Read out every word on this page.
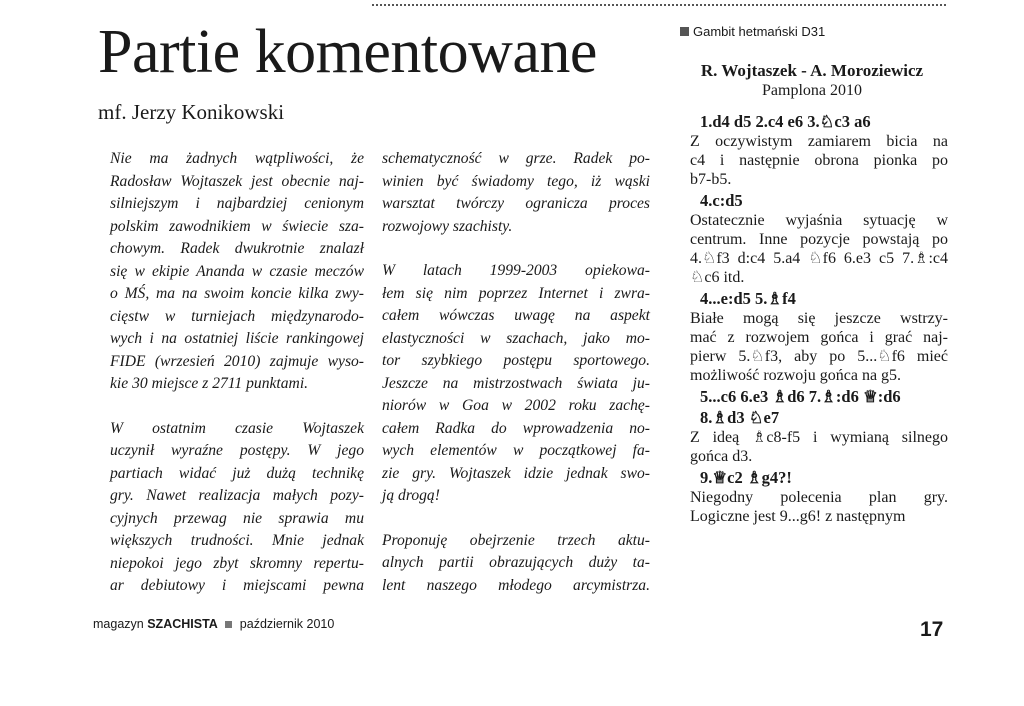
Partie komentowane
mf. Jerzy Konikowski

Nie ma żadnych wątpliwości, że
Radosław Wojtaszek jest obecnie naj-
silniejszym i najbardziej cenionym
polskim zawodnikiem w świecie sza-
chowym. Radek dwukrotnie znalazł
się w ekipie Ananda w czasie meczów
o MŚ, ma na swoim koncie kilka zwy-
cięstw w turniejach międzynarodo-
wych i na ostatniej liście rankingowej
FIDE (wrzesień 2010) zajmuje wyso-
kie 30 miejsce z 2711 punktami.

W ostatnim czasie Wojtaszek
uczynił wyraźne postępy. W jego
partiach widać już dużą technikę
gry. Nawet realizacja małych pozy-
cyjnych przewag nie sprawia mu
większych trudności. Mnie jednak
niepokoi jego zbyt skromny repertu-
ar debiutowy i miejscami pewna

schematyczność w grze. Radek po-
winien być świadomy tego, iż wąski
warsztat twórczy ogranicza proces
rozwojowy szachisty.

W latach 1999-2003 opiekowa-
łem się nim poprzez Internet i zwra-
całem wówczas uwagę na aspekt
elastyczności w szachach, jako mo-
tor szybkiego postępu sportowego.
Jeszcze na mistrzostwach świata ju-
niorów w Goa w 2002 roku zachę-
całem Radka do wprowadzenia no-
wych elementów w początkowej fa-
zie gry. Wojtaszek idzie jednak swo-
ją drogą!

Proponuję obejrzenie trzech aktu-
alnych partii obrazujących duży ta-
lent naszego młodego arcymistrza.

Gambit hetmański D31
R. Wojtaszek - A. Moroziewicz
Pamplona 2010
1.d4 d5 2.c4 e6 3.♘c3 a6
Z oczywistym zamiarem bicia na
c4 i następnie obrona pionka po
b7-b5.
4.c:d5
Ostatecznie wyjaśnia sytuację w
centrum. Inne pozycje powstają po
4.♘f3 d:c4 5.a4 ♘f6 6.e3 c5 7.♗:c4
♘c6 itd.
4...e:d5 5.♗f4
Białe mogą się jeszcze wstrzy-
mać z rozwojem gońca i grać naj-
pierw 5.♘f3, aby po 5...♘f6 mieć
możliwość rozwoju gońca na g5.
5...c6 6.e3 ♗d6 7.♗:d6 ♕:d6
8.♗d3 ♘e7
Z ideą ♗c8-f5 i wymianą silnego
gońca d3.
9.♕c2 ♗g4?!
Niegodny polecenia plan gry.
Logiczne jest 9...g6! z następnym
magazyn SZACHISTA październik 2010	17
